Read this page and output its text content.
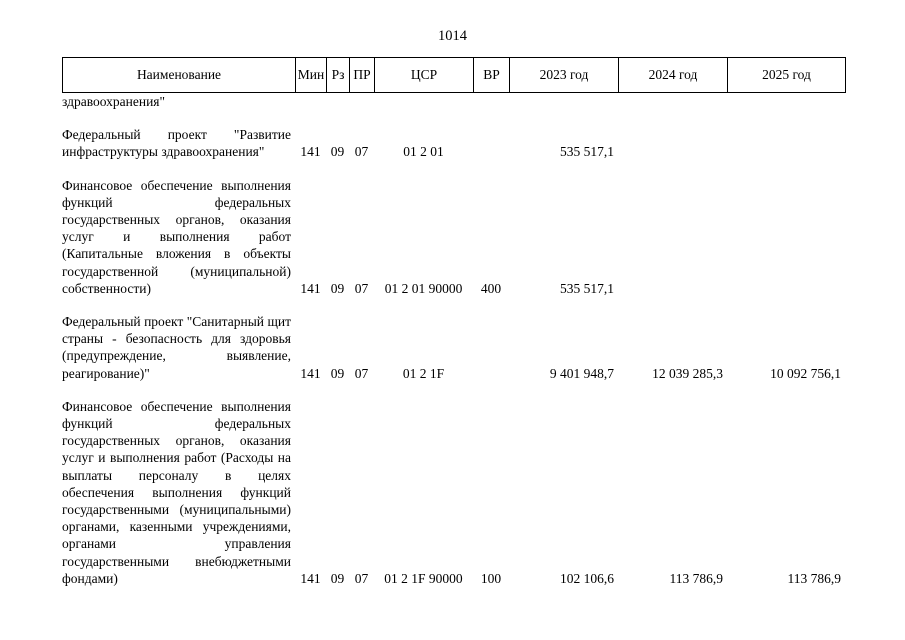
1014
Наименование	Мин	Рз	ПР	ЦСР	ВР	2023 год	2024 год	2025 год
здравоохранения"								

Федеральный проект "Развитие инфраструктуры здравоохранения"	141	09	07	01 2 01		535 517,1		

Финансовое обеспечение выполнения функций федеральных государственных органов, оказания услуг и выполнения работ (Капитальные вложения в объекты государственной (муниципальной) собственности)	141	09	07	01 2 01 90000	400	535 517,1		

Федеральный проект "Санитарный щит страны - безопасность для здоровья (предупреждение, выявление, реагирование)"	141	09	07	01 2 1F		9 401 948,7	12 039 285,3	10 092 756,1

Финансовое обеспечение выполнения функций федеральных государственных органов, оказания услуг и выполнения работ (Расходы на выплаты персоналу в целях обеспечения выполнения функций государственными (муниципальными) органами, казенными учреждениями, органами управления государственными внебюджетными фондами)	141	09	07	01 2 1F 90000	100	102 106,6	113 786,9	113 786,9
